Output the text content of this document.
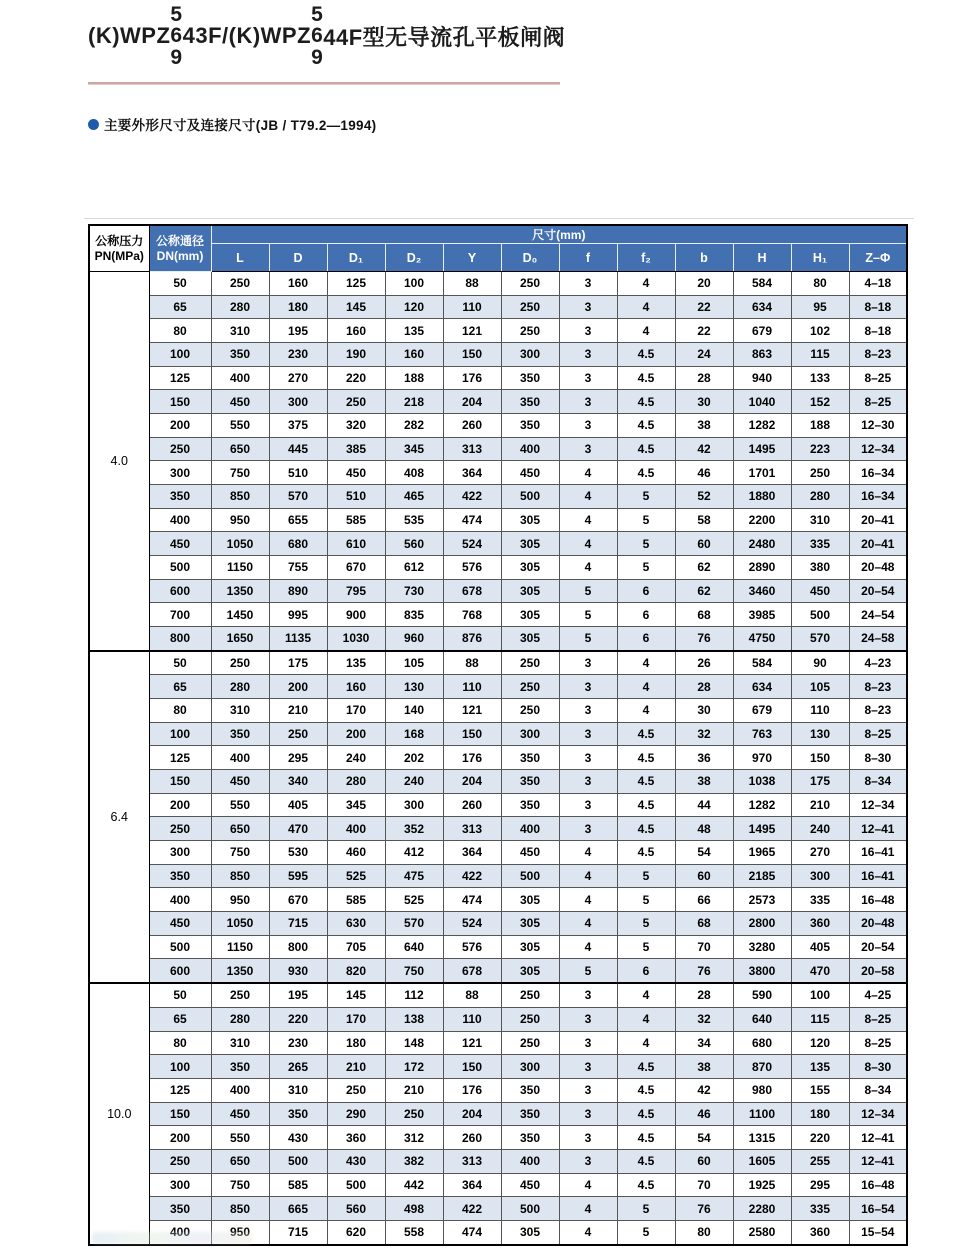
(K)WPZ
5
6
9
43F/(K)WPZ
5
6
9
44F型无导流孔平板闸阀
主要外形尺寸及连接尺寸(JB / T79.2—1994)
公称压力
PN(MPa)

公称通径
DN(mm)
	尺寸(mm)
		L	D	D₁	D₂	Y	D₀	f	f₂	b	H	H₁	Z–Φ
4.0	50	250	160	125	100	88	250	3	4	20	584	80	4–18
	65	280	180	145	120	110	250	3	4	22	634	95	8–18
	80	310	195	160	135	121	250	3	4	22	679	102	8–18
	100	350	230	190	160	150	300	3	4.5	24	863	115	8–23
	125	400	270	220	188	176	350	3	4.5	28	940	133	8–25
	150	450	300	250	218	204	350	3	4.5	30	1040	152	8–25
	200	550	375	320	282	260	350	3	4.5	38	1282	188	12–30
	250	650	445	385	345	313	400	3	4.5	42	1495	223	12–34
	300	750	510	450	408	364	450	4	4.5	46	1701	250	16–34
	350	850	570	510	465	422	500	4	5	52	1880	280	16–34
	400	950	655	585	535	474	305	4	5	58	2200	310	20–41
	450	1050	680	610	560	524	305	4	5	60	2480	335	20–41
	500	1150	755	670	612	576	305	4	5	62	2890	380	20–48
	600	1350	890	795	730	678	305	5	6	62	3460	450	20–54
	700	1450	995	900	835	768	305	5	6	68	3985	500	24–54
	800	1650	1135	1030	960	876	305	5	6	76	4750	570	24–58
6.4	50	250	175	135	105	88	250	3	4	26	584	90	4–23
	65	280	200	160	130	110	250	3	4	28	634	105	8–23
	80	310	210	170	140	121	250	3	4	30	679	110	8–23
	100	350	250	200	168	150	300	3	4.5	32	763	130	8–25
	125	400	295	240	202	176	350	3	4.5	36	970	150	8–30
	150	450	340	280	240	204	350	3	4.5	38	1038	175	8–34
	200	550	405	345	300	260	350	3	4.5	44	1282	210	12–34
	250	650	470	400	352	313	400	3	4.5	48	1495	240	12–41
	300	750	530	460	412	364	450	4	4.5	54	1965	270	16–41
	350	850	595	525	475	422	500	4	5	60	2185	300	16–41
	400	950	670	585	525	474	305	4	5	66	2573	335	16–48
	450	1050	715	630	570	524	305	4	5	68	2800	360	20–48
	500	1150	800	705	640	576	305	4	5	70	3280	405	20–54
	600	1350	930	820	750	678	305	5	6	76	3800	470	20–58
10.0	50	250	195	145	112	88	250	3	4	28	590	100	4–25
	65	280	220	170	138	110	250	3	4	32	640	115	8–25
	80	310	230	180	148	121	250	3	4	34	680	120	8–25
	100	350	265	210	172	150	300	3	4.5	38	870	135	8–30
	125	400	310	250	210	176	350	3	4.5	42	980	155	8–34
	150	450	350	290	250	204	350	3	4.5	46	1100	180	12–34
	200	550	430	360	312	260	350	3	4.5	54	1315	220	12–41
	250	650	500	430	382	313	400	3	4.5	60	1605	255	12–41
	300	750	585	500	442	364	450	4	4.5	70	1925	295	16–48
	350	850	665	560	498	422	500	4	5	76	2280	335	16–54
	400	950	715	620	558	474	305	4	5	80	2580	360	15–54
